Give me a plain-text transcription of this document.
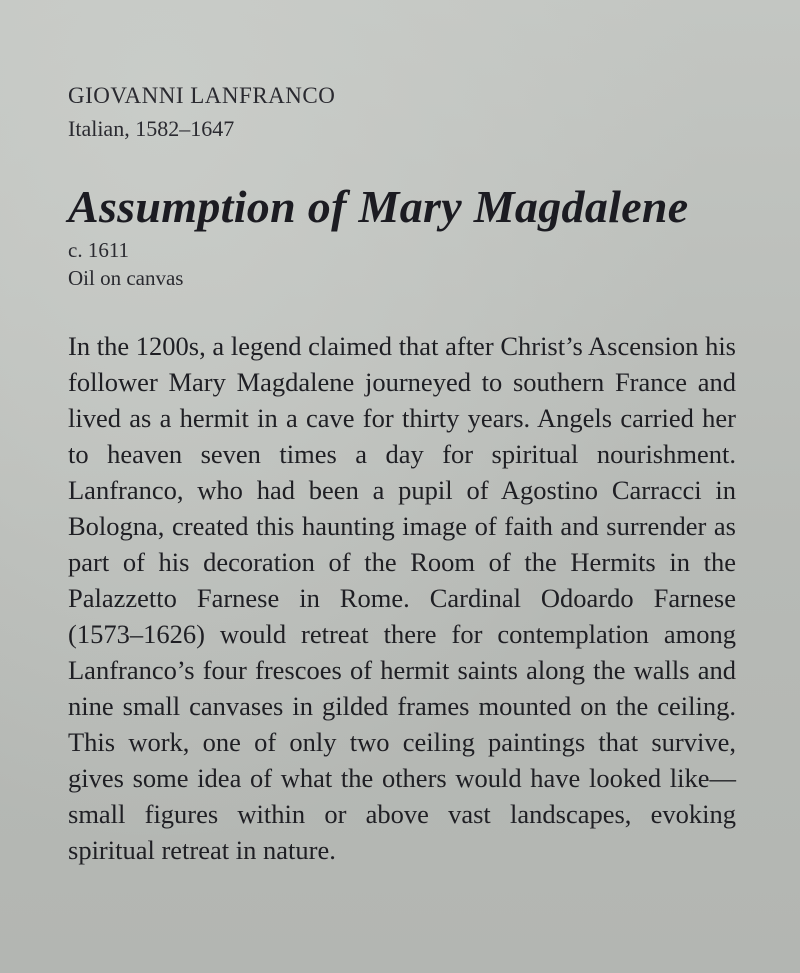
GIOVANNI LANFRANCO

Italian, 1582–1647

Assumption of Mary Magdalene

c. 1611

Oil on canvas

In the 1200s, a legend claimed that after Christ’s Ascension his follower Mary Magdalene journeyed to southern France and lived as a hermit in a cave for thirty years. Angels carried her to heaven seven times a day for spiritual nourishment. Lanfranco, who had been a pupil of Agostino Carracci in Bologna, created this haunting image of faith and surrender as part of his decoration of the Room of the Hermits in the Palazzetto Farnese in Rome. Cardinal Odoardo Farnese (1573–1626) would retreat there for contemplation among Lanfranco’s four frescoes of hermit saints along the walls and nine small canvases in gilded frames mounted on the ceiling. This work, one of only two ceiling paintings that survive, gives some idea of what the others would have looked like—small figures within or above vast landscapes, evoking spiritual retreat in nature.
